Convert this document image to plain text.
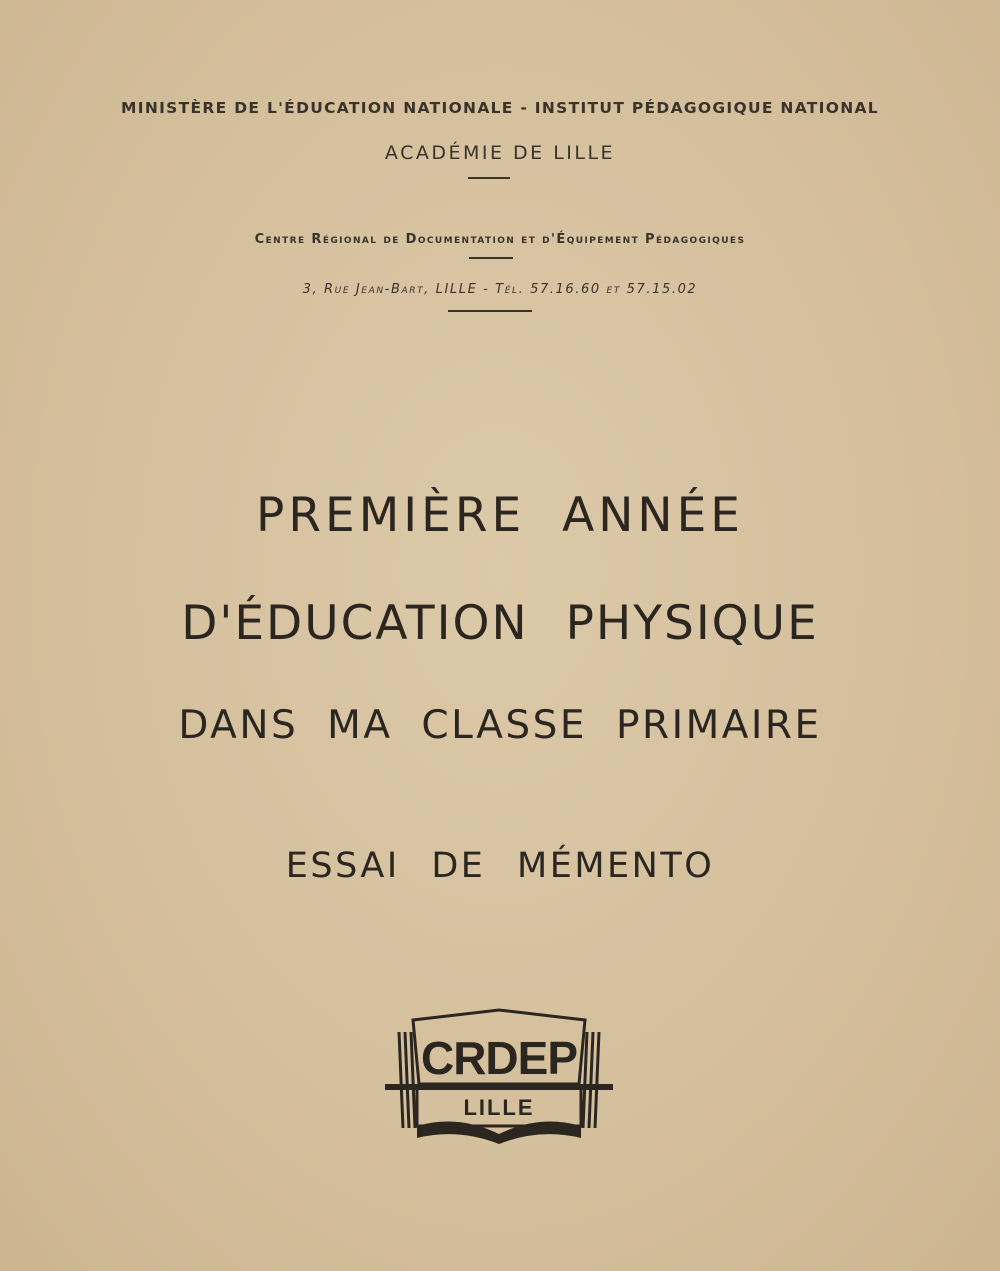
MINISTÈRE DE L'ÉDUCATION NATIONALE - INSTITUT PÉDAGOGIQUE NATIONAL
ACADÉMIE DE LILLE
Centre Régional de Documentation et d'Équipement Pédagogiques
3, Rue Jean-Bart, LILLE - Tél. 57.16.60 et 57.15.02
PREMIÈRE ANNÉE
D'ÉDUCATION PHYSIQUE
DANS MA CLASSE PRIMAIRE
ESSAI DE MÉMENTO
CRDEP
LILLE
